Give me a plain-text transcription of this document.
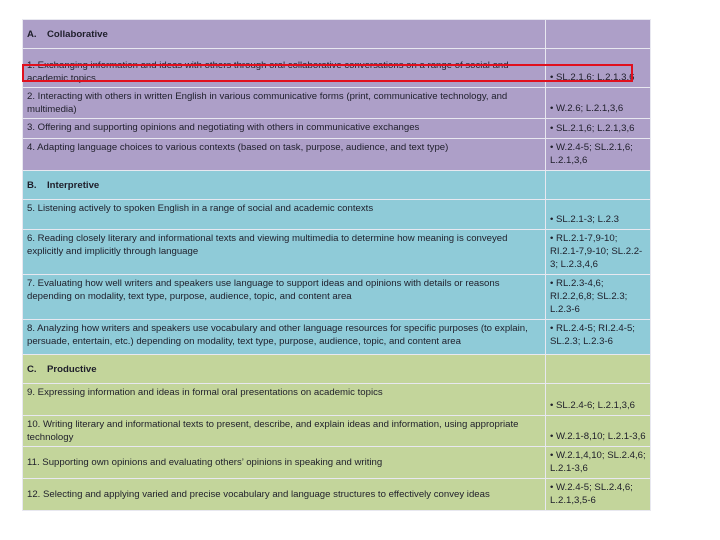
A. Collaborative	
1. Exchanging information and ideas with others through oral collaborative conversations on a range of social and academic topics	• SL.2.1,6; L.2.1,3,6
2. Interacting with others in written English in various communicative forms (print, communicative technology, and multimedia)	• W.2.6; L.2.1,3,6
3. Offering and supporting opinions and negotiating with others in communicative exchanges	• SL.2.1,6; L.2.1,3,6
4. Adapting language choices to various contexts (based on task, purpose, audience, and text type)	• W.2.4-5; SL.2.1,6; L.2.1,3,6
B. Interpretive	
5. Listening actively to spoken English in a range of social and academic contexts	• SL.2.1-3; L.2.3
6. Reading closely literary and informational texts and viewing multimedia to determine how meaning is conveyed explicitly and implicitly through language	• RL.2.1-7,9-10; RI.2.1-7,9-10; SL.2.2-3; L.2.3,4,6
7. Evaluating how well writers and speakers use language to support ideas and opinions with details or reasons depending on modality, text type, purpose, audience, topic, and content area	• RL.2.3-4,6; RI.2.2,6,8; SL.2.3; L.2.3-6
8. Analyzing how writers and speakers use vocabulary and other language resources for specific purposes (to explain, persuade, entertain, etc.) depending on modality, text type, purpose, audience, topic, and content area	• RL.2.4-5; RI.2.4-5; SL.2.3; L.2.3-6
C. Productive	
9. Expressing information and ideas in formal oral presentations on academic topics	• SL.2.4-6; L.2.1,3,6
10. Writing literary and informational texts to present, describe, and explain ideas and information, using appropriate technology	• W.2.1-8,10; L.2.1-3,6
11. Supporting own opinions and evaluating others’ opinions in speaking and writing	• W.2.1,4,10; SL.2.4,6; L.2.1-3,6
12. Selecting and applying varied and precise vocabulary and language structures to effectively convey ideas	• W.2.4-5; SL.2.4,6; L.2.1,3,5-6
